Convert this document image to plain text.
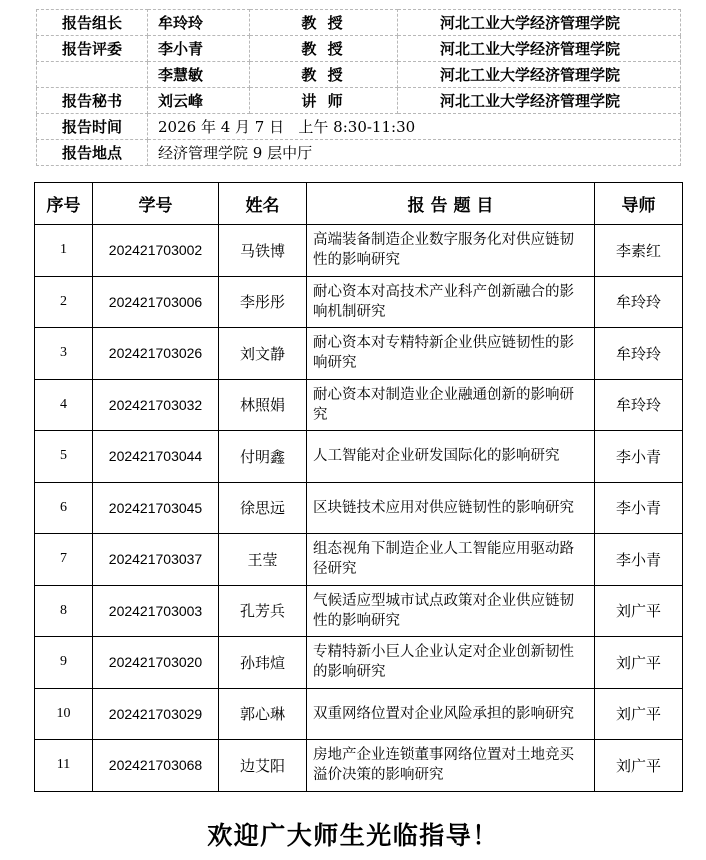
报告组长	牟玲玲	教 授	河北工业大学经济管理学院
报告评委	李小青	教 授	河北工业大学经济管理学院
	李慧敏	教 授	河北工业大学经济管理学院
报告秘书	刘云峰	讲 师	河北工业大学经济管理学院
报告时间	2026 年 4 月 7 日   上午 8:30-11:30		
报告地点	经济管理学院 9 层中厅		
序号	学号	姓名	报 告 题 目	导师
1	202421703002	马铁博	高端装备制造企业数字服务化对供应链韧性的影响研究	李素红
2	202421703006	李彤彤	耐心资本对高技术产业科产创新融合的影响机制研究	牟玲玲
3	202421703026	刘文静	耐心资本对专精特新企业供应链韧性的影响研究	牟玲玲
4	202421703032	林照娟	耐心资本对制造业企业融通创新的影响研究	牟玲玲
5	202421703044	付明鑫	人工智能对企业研发国际化的影响研究	李小青
6	202421703045	徐思远	区块链技术应用对供应链韧性的影响研究	李小青
7	202421703037	王莹	组态视角下制造企业人工智能应用驱动路径研究	李小青
8	202421703003	孔芳兵	气候适应型城市试点政策对企业供应链韧性的影响研究	刘广平
9	202421703020	孙玮煊	专精特新小巨人企业认定对企业创新韧性的影响研究	刘广平
10	202421703029	郭心琳	双重网络位置对企业风险承担的影响研究	刘广平
11	202421703068	边艾阳	房地产企业连锁董事网络位置对土地竞买溢价决策的影响研究	刘广平
欢迎广大师生光临指导！
